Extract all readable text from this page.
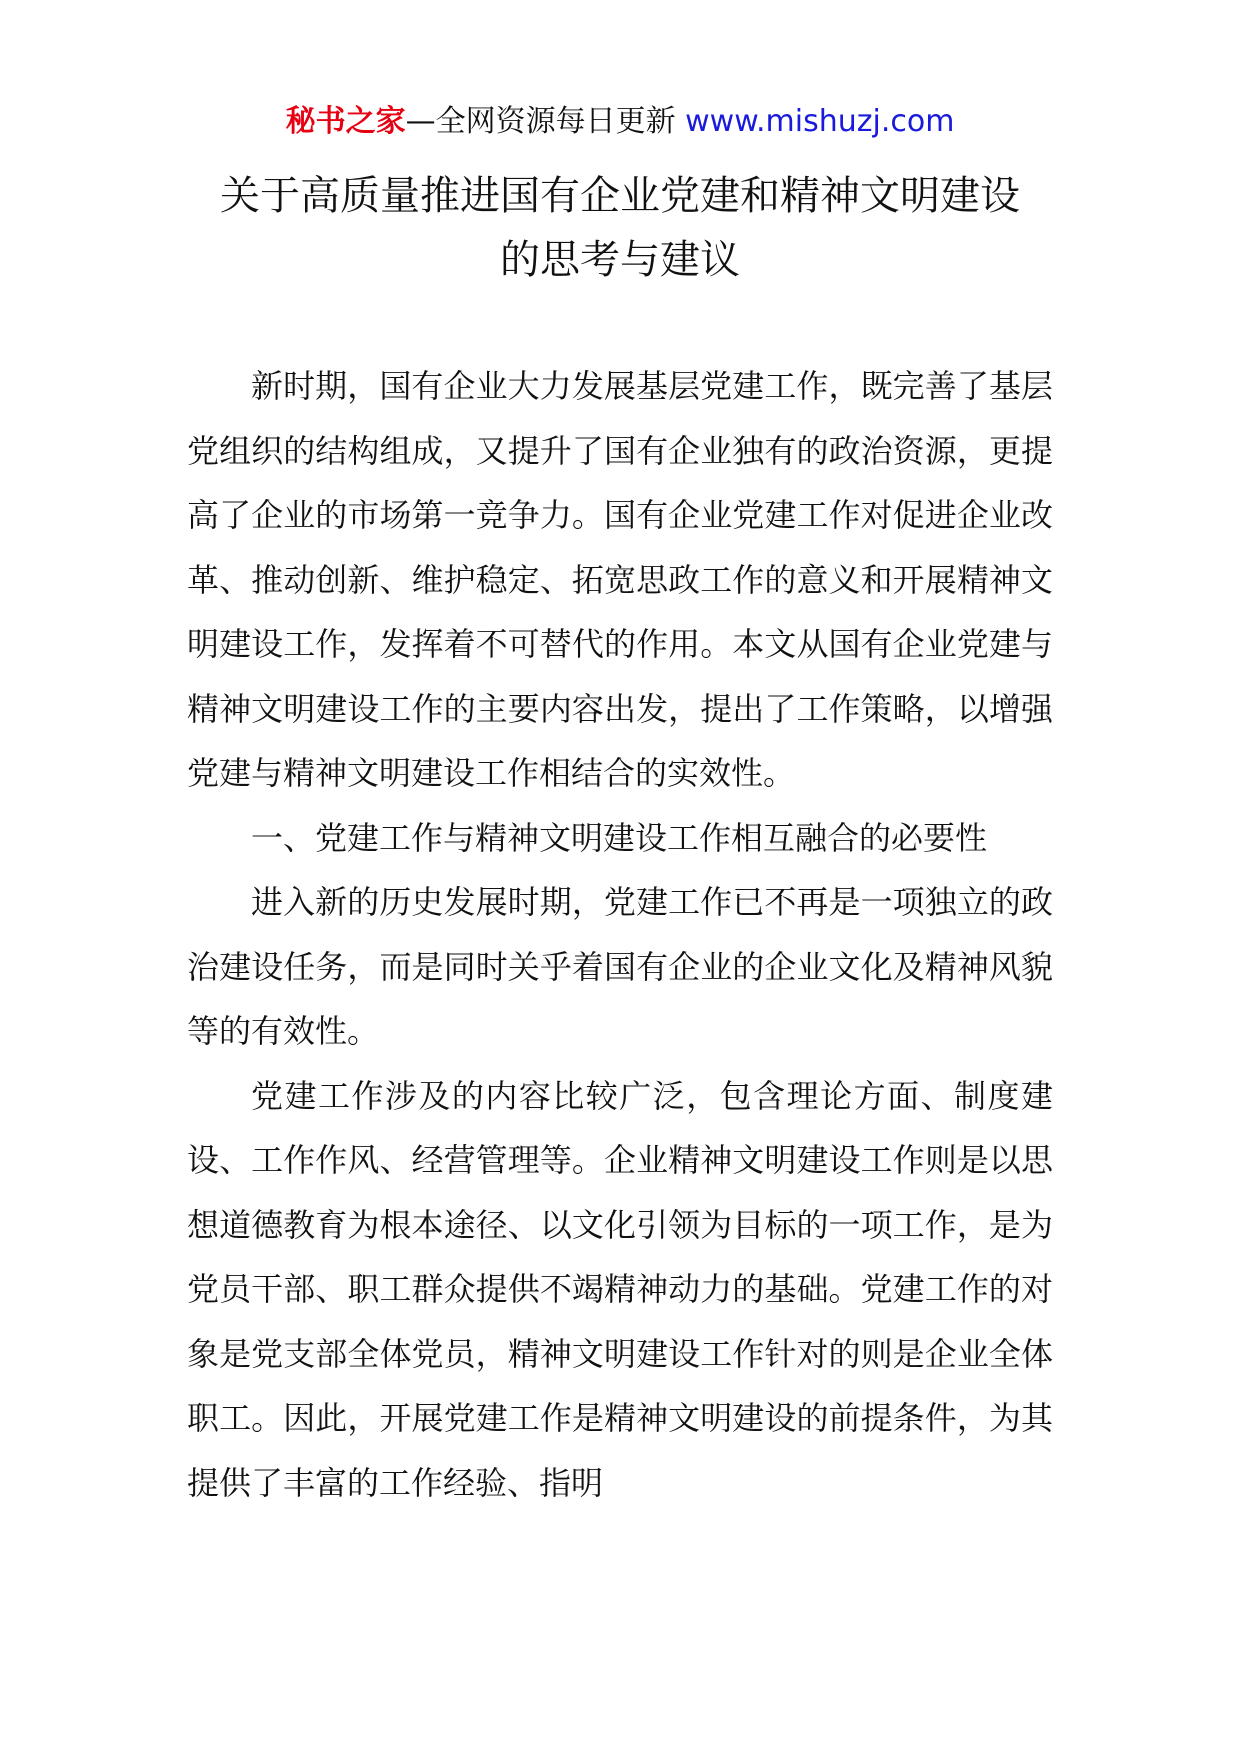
秘书之家—全网资源每日更新 www.mishuzj.com
关于高质量推进国有企业党建和精神文明建设
的思考与建议

新时期，国有企业大力发展基层党建工作，既完善了基层党组织的结构组成，又提升了国有企业独有的政治资源，更提高了企业的市场第一竞争力。国有企业党建工作对促进企业改革、推动创新、维护稳定、拓宽思政工作的意义和开展精神文明建设工作，发挥着不可替代的作用。本文从国有企业党建与精神文明建设工作的主要内容出发，提出了工作策略，以增强党建与精神文明建设工作相结合的实效性。

一、党建工作与精神文明建设工作相互融合的必要性

进入新的历史发展时期，党建工作已不再是一项独立的政治建设任务，而是同时关乎着国有企业的企业文化及精神风貌等的有效性。

党建工作涉及的内容比较广泛，包含理论方面、制度建设、工作作风、经营管理等。企业精神文明建设工作则是以思想道德教育为根本途径、以文化引领为目标的一项工作，是为党员干部、职工群众提供不竭精神动力的基础。党建工作的对象是党支部全体党员，精神文明建设工作针对的则是企业全体职工。因此，开展党建工作是精神文明建设的前提条件，为其提供了丰富的工作经验、指明
